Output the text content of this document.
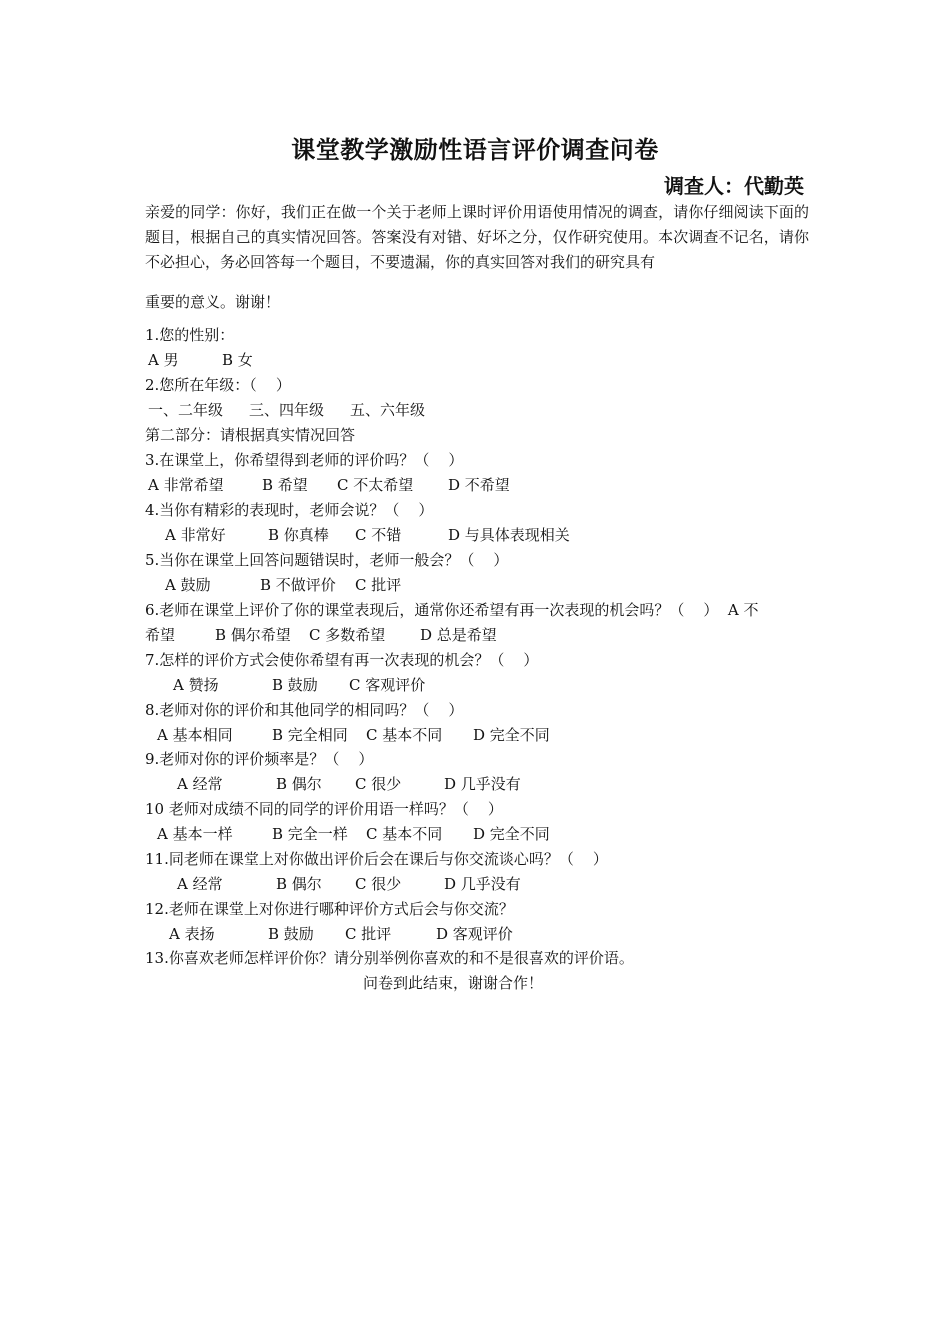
课堂教学激励性语言评价调查问卷
调查人：代勤英

亲爱的同学：你好，我们正在做一个关于老师上课时评价用语使用情况的调查，请你仔细阅读下面的题目，根据自己的真实情况回答。答案没有对错、好坏之分，仅作研究使用。本次调查不记名，请你不必担心，务必回答每一个题目，不要遗漏，你的真实回答对我们的研究具有

重要的意义。谢谢！
1.您的性别：
A 男	B 女
2.您所在年级：（    ）
一、二年级 三、四年级 五、六年级
第二部分：请根据真实情况回答
3.在课堂上，你希望得到老师的评价吗？（    ）
A 非常希望	B 希望 C 不太希望 D 不希望
4.当你有精彩的表现时，老师会说？（    ）
A 非常好	B 你真棒 C 不错	D 与具体表现相关
5.当你在课堂上回答问题错误时，老师一般会？（    ）
A 鼓励	B 不做评价 C 批评
6.老师在课堂上评价了你的课堂表现后，通常你还希望有再一次表现的机会吗？（    ）  A 不
希望	B 偶尔希望 C 多数希望 D 总是希望
7.怎样的评价方式会使你希望有再一次表现的机会？（    ）
A 赞扬	B 鼓励 C 客观评价
8.老师对你的评价和其他同学的相同吗？（    ）
A 基本相同	B 完全相同 C 基本不同 D 完全不同
9.老师对你的评价频率是？（    ）
A 经常	B 偶尔 C 很少	D 几乎没有
10 老师对成绩不同的同学的评价用语一样吗？（    ）
A 基本一样	B 完全一样 C 基本不同 D 完全不同
11.同老师在课堂上对你做出评价后会在课后与你交流谈心吗？（    ）
A 经常	B 偶尔 C 很少	D 几乎没有
12.老师在课堂上对你进行哪种评价方式后会与你交流？
A 表扬	B 鼓励 C 批评	D 客观评价
13.你喜欢老师怎样评价你？请分别举例你喜欢的和不是很喜欢的评价语。
问卷到此结束，谢谢合作！
